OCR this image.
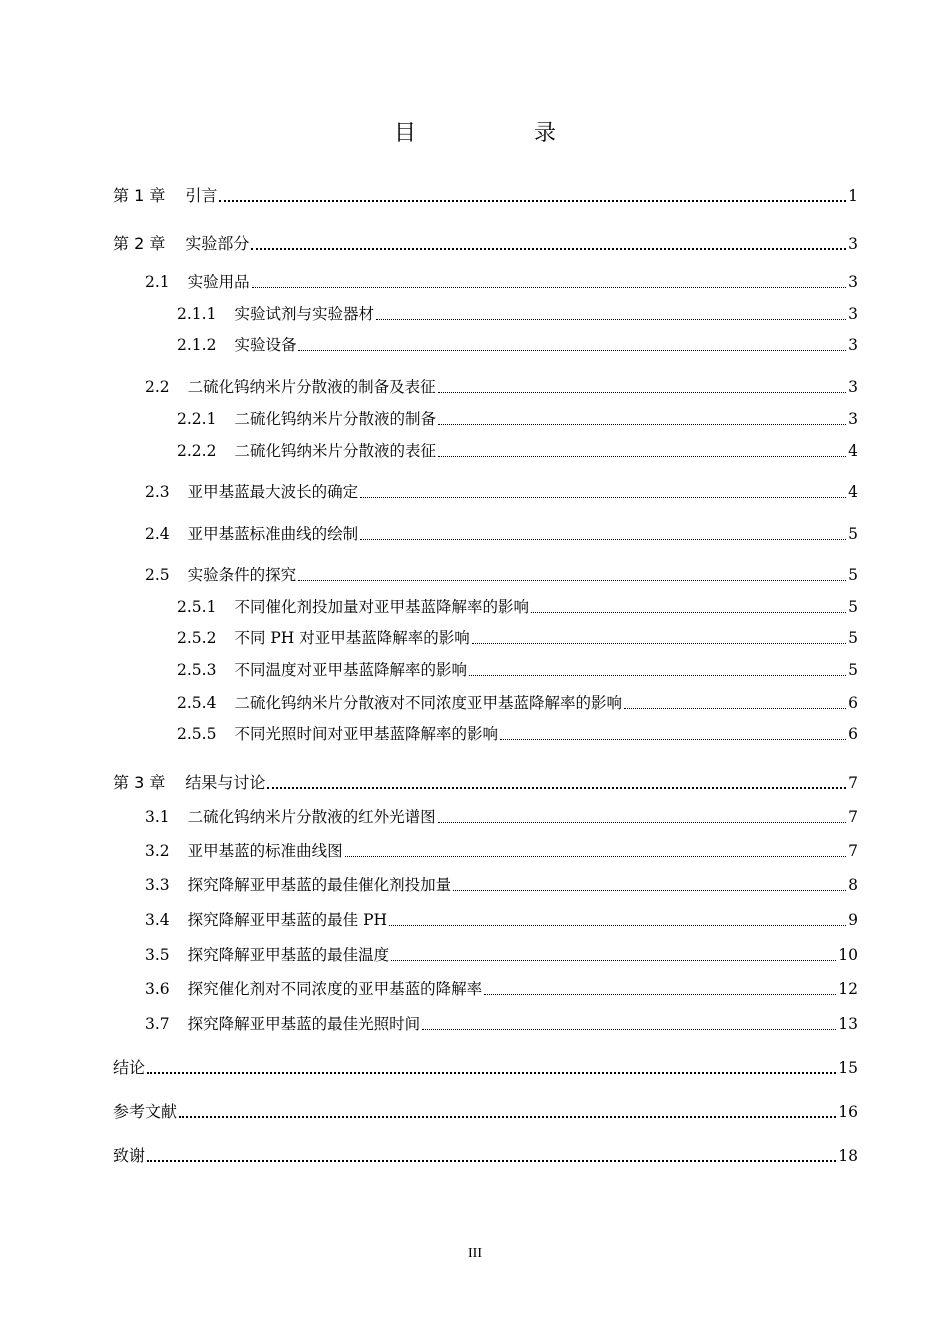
目　录
第 1 章 引言	1
第 2 章 实验部分	3
2.1 实验用品	3
2.1.1 实验试剂与实验器材	3
2.1.2 实验设备	3
2.2 二硫化钨纳米片分散液的制备及表征	3
2.2.1 二硫化钨纳米片分散液的制备	3
2.2.2 二硫化钨纳米片分散液的表征	4
2.3 亚甲基蓝最大波长的确定	4
2.4 亚甲基蓝标准曲线的绘制	5
2.5 实验条件的探究	5
2.5.1 不同催化剂投加量对亚甲基蓝降解率的影响	5
2.5.2 不同 PH 对亚甲基蓝降解率的影响	5
2.5.3 不同温度对亚甲基蓝降解率的影响	5
2.5.4 二硫化钨纳米片分散液对不同浓度亚甲基蓝降解率的影响	6
2.5.5 不同光照时间对亚甲基蓝降解率的影响	6
第 3 章 结果与讨论	7
3.1 二硫化钨纳米片分散液的红外光谱图	7
3.2 亚甲基蓝的标准曲线图	7
3.3 探究降解亚甲基蓝的最佳催化剂投加量	8
3.4 探究降解亚甲基蓝的最佳 PH	9
3.5 探究降解亚甲基蓝的最佳温度	10
3.6 探究催化剂对不同浓度的亚甲基蓝的降解率	12
3.7 探究降解亚甲基蓝的最佳光照时间	13
结论	15
参考文献	16
致谢	18
III
